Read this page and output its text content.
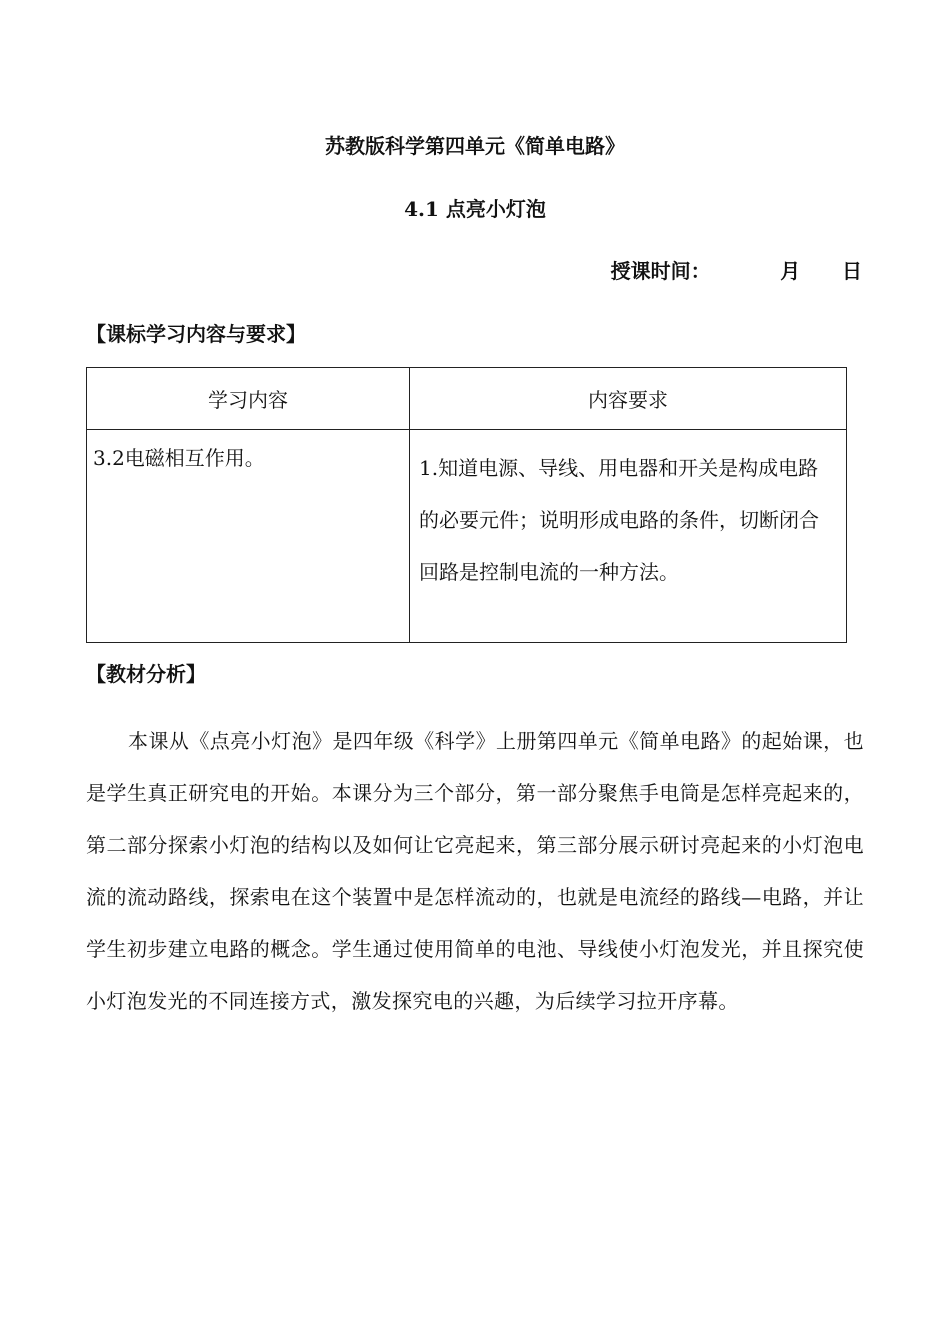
苏教版科学第四单元《简单电路》
4.1 点亮小灯泡
授课时间：	月 日
【课标学习内容与要求】
学习内容	内容要求
3.2电磁相互作用。	1.知道电源、导线、用电器和开关是构成电路的必要元件；说明形成电路的条件，切断闭合回路是控制电流的一种方法。
【教材分析】

本课从《点亮小灯泡》是四年级《科学》上册第四单元《简单电路》的起始课，也是学生真正研究电的开始。本课分为三个部分，第一部分聚焦手电筒是怎样亮起来的，第二部分探索小灯泡的结构以及如何让它亮起来，第三部分展示研讨亮起来的小灯泡电流的流动路线，探索电在这个装置中是怎样流动的，也就是电流经的路线—电路，并让学生初步建立电路的概念。学生通过使用简单的电池、导线使小灯泡发光，并且探究使小灯泡发光的不同连接方式，激发探究电的兴趣，为后续学习拉开序幕。
